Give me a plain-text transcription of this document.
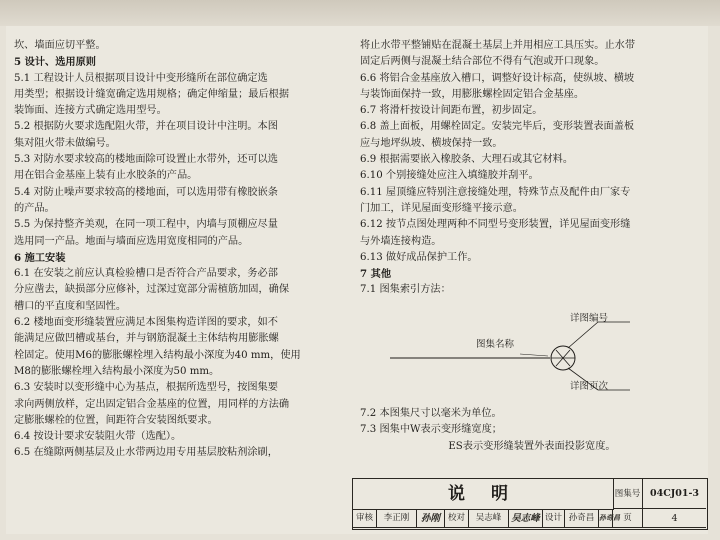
坎、墙面应切平整。
5 设计、选用原则
5.1 工程设计人员根据项目设计中变形缝所在部位确定选
用类型；根据设计缝宽确定选用规格；确定伸缩量；最后根据
装饰面、连接方式确定选用型号。
5.2 根据防火要求选配阻火带，并在项目设计中注明。本图
集对阻火带未做编号。
5.3 对防水要求较高的楼地面除可设置止水带外，还可以选
用在铝合金基座上装有止水胶条的产品。
5.4 对防止噪声要求较高的楼地面，可以选用带有橡胶嵌条
的产品。
5.5 为保持整齐美观，在同一项工程中，内墙与顶棚应尽量
选用同一产品。地面与墙面应选用宽度相同的产品。
6 施工安装
6.1 在安装之前应认真检验槽口是否符合产品要求，务必部
分应凿去，缺损部分应修补，过深过宽部分需植筋加固，确保
槽口的平直度和坚固性。
6.2 楼地面变形缝装置应满足本图集构造详图的要求，如不
能满足应做凹槽或基台，并与钢筋混凝土主体结构用膨胀螺
栓固定。使用M6的膨胀螺栓埋入结构最小深度为40 mm，使用
M8的膨胀螺栓埋入结构最小深度为50 mm。
6.3 安装时以变形缝中心为基点，根据所选型号，按图集要
求向两侧放样，定出固定铝合金基座的位置，用同样的方法确
定膨胀螺栓的位置，间距符合安装图纸要求。
6.4 按设计要求安装阻火带（选配）。
6.5 在缝隙两侧基层及止水带两边用专用基层胶粘剂涂刷，
将止水带平整铺贴在混凝土基层上并用相应工具压实。止水带
固定后两侧与混凝土结合部位不得有气泡或开口现象。
6.6 将铝合金基座放入槽口，调整好设计标高，使纵坡、横坡
与装饰面保持一致，用膨胀螺栓固定铝合金基座。
6.7 将滑杆按设计间距布置，初步固定。
6.8 盖上面板，用螺栓固定。安装完毕后，变形装置表面盖板
应与地坪纵坡、横坡保持一致。
6.9 根据需要嵌入橡胶条、大理石或其它材料。
6.10 个别接缝处应注入填缝胶并刮平。
6.11 屋顶缝应特别注意接缝处理，特殊节点及配件由厂家专
门加工，详见屋面变形缝平接示意。
6.12 按节点图处理两种不同型号变形装置，详见屋面变形缝
与外墙连接构造。
6.13 做好成品保护工作。
7 其他
7.1 图集索引方法：
详图编号
图集名称
详图页次
7.2 本图集尺寸以毫米为单位。
7.3 图集中W表示变形缝宽度；
ES表示变形缝装置外表面投影宽度。
说 明	图集号	04CJ01-3
审核	李正刚	孙刚 校对	吴志峰	吴志峰 设计 孙奇昌 孙奇昌 页	4
